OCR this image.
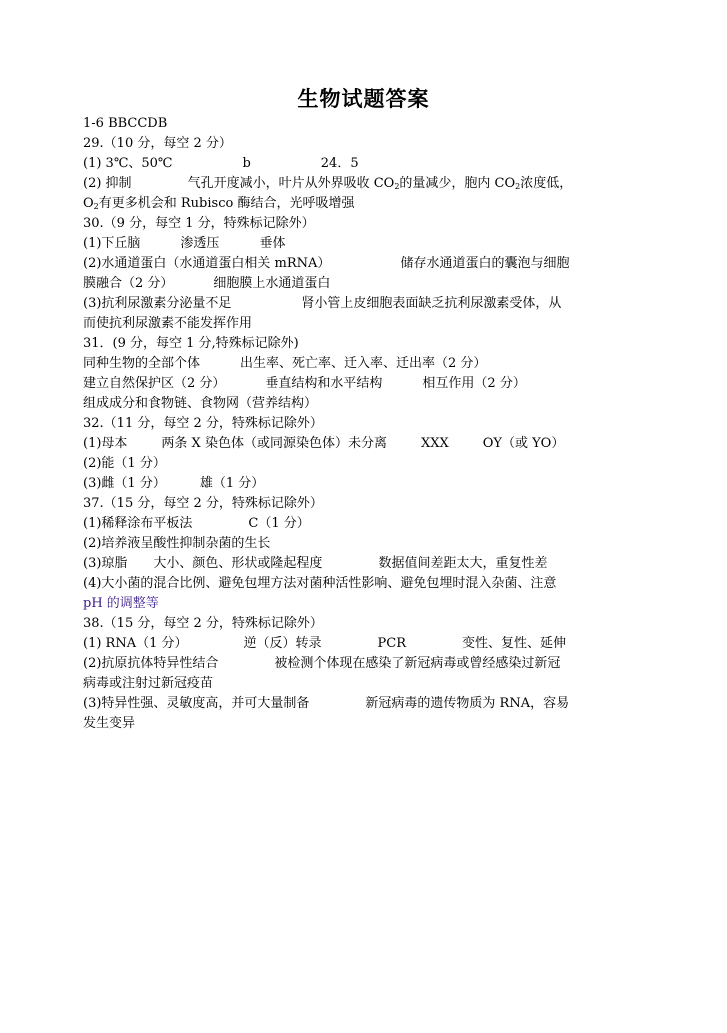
生物试题答案
1-6 BBCCDB
29.（10 分，每空 2 分）
(1) 3℃、50℃	b	24．5
(2) 抑制	气孔开度减小，叶片从外界吸收 $CO_2$的量减少，胞内 $CO_2$浓度低，
$O_2$有更多机会和 Rubisco 酶结合，光呼吸增强
30.（9 分，每空 1 分，特殊标记除外）
(1)下丘脑	渗透压	垂体
(2)水通道蛋白（水通道蛋白相关 mRNA）	储存水通道蛋白的囊泡与细胞
膜融合（2 分）	细胞膜上水通道蛋白
(3)抗利尿激素分泌量不足	肾小管上皮细胞表面缺乏抗利尿激素受体，从
而使抗利尿激素不能发挥作用
31．(9 分，每空 1 分,特殊标记除外)
同种生物的全部个体	出生率、死亡率、迁入率、迁出率（2 分）
建立自然保护区（2 分）	垂直结构和水平结构	相互作用（2 分）
组成成分和食物链、食物网（营养结构）
32.（11 分，每空 2 分，特殊标记除外）
(1)母本	两条 X 染色体（或同源染色体）未分离	XXX	OY（或 YO）
(2)能（1 分）
(3)雌（1 分）	雄（1 分）
37.（15 分，每空 2 分，特殊标记除外）
(1)稀释涂布平板法	C（1 分）
(2)培养液呈酸性抑制杂菌的生长
(3)琼脂 大小、颜色、形状或隆起程度	数据值间差距太大，重复性差
(4)大小菌的混合比例、避免包埋方法对菌种活性影响、避免包埋时混入杂菌、注意
pH 的调整等
38.（15 分，每空 2 分，特殊标记除外）
(1) RNA（1 分）	逆（反）转录	PCR	变性、复性、延伸
(2)抗原抗体特异性结合	被检测个体现在感染了新冠病毒或曾经感染过新冠
病毒或注射过新冠疫苗
(3)特异性强、灵敏度高，并可大量制备	新冠病毒的遗传物质为 RNA，容易
发生变异
